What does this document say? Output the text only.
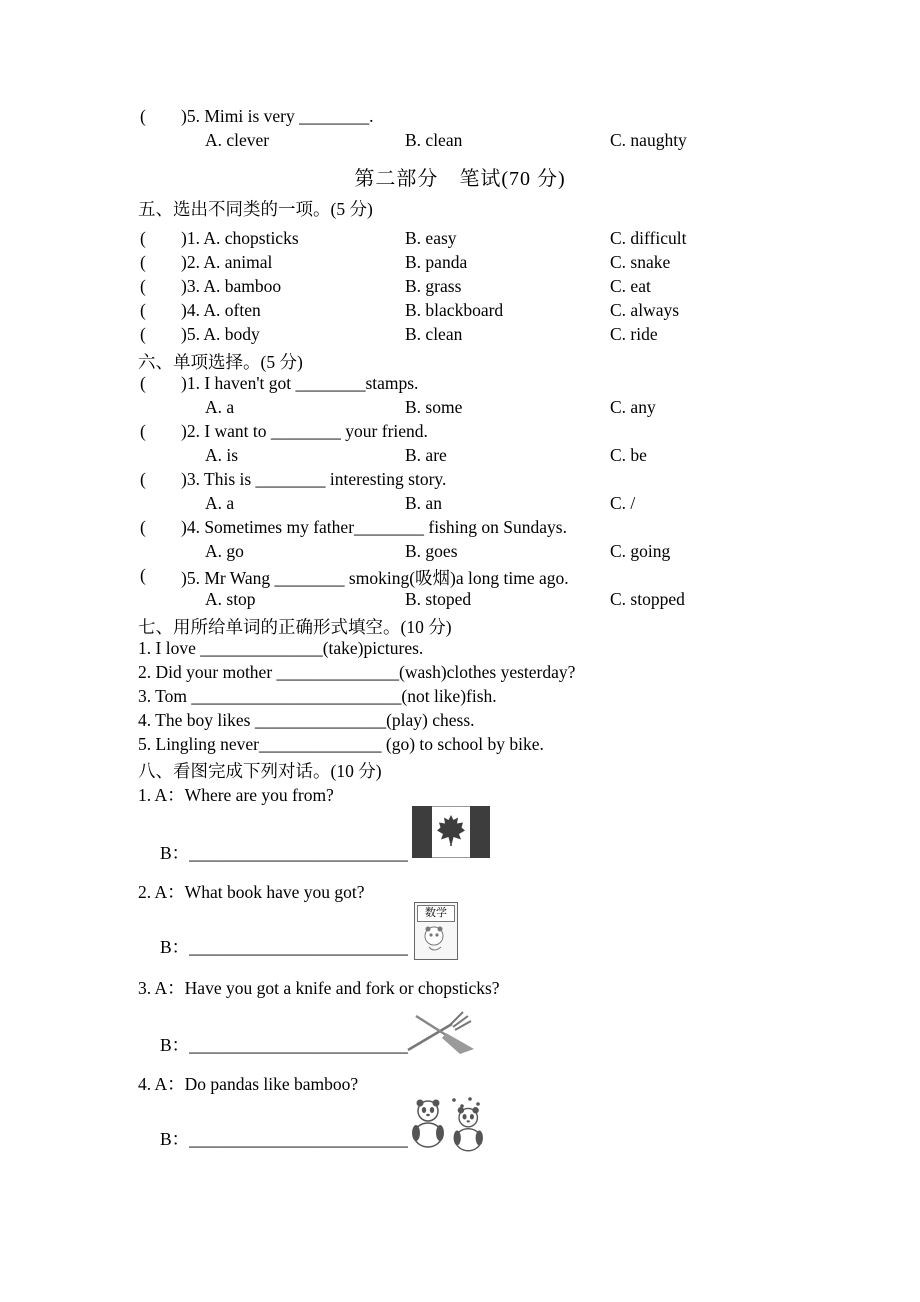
( )5. Mimi is very ________.
A. clever	B. clean	C. naughty
第二部分　笔试(70 分)
五、选出不同类的一项。(5 分)
( )1. A. chopsticks	B. easy	C. difficult
( )2. A. animal	B. panda	C. snake
( )3. A. bamboo	B. grass	C. eat
( )4. A. often	B. blackboard	C. always
( )5. A. body	B. clean	C. ride
六、单项选择。(5 分)
( )1. I haven't got ________stamps.
A. a	B. some	C. any
( )2. I want to ________ your friend.
A. is	B. are	C. be
( )3. This is ________ interesting story.
A. a	B. an	C. /
( )4. Sometimes my father________ fishing on Sundays.
A. go	B. goes	C. going
( )5. Mr Wang ________ smoking(吸烟)a long time ago.
A. stop	B. stoped	C. stopped
七、用所给单词的正确形式填空。(10 分)
1. I love ______________(take)pictures.
2. Did your mother ______________(wash)clothes yesterday?
3. Tom ________________________(not like)fish.
4. The boy likes _______________(play) chess.
5. Lingling never______________ (go) to school by bike.
八、看图完成下列对话。(10 分)
1. A：Where are you from?
B：_________________________
2. A：What book have you got?
数学
B：_________________________
3. A：Have you got a knife and fork or chopsticks?
B：_________________________
4. A：Do pandas like bamboo?
B：_________________________
